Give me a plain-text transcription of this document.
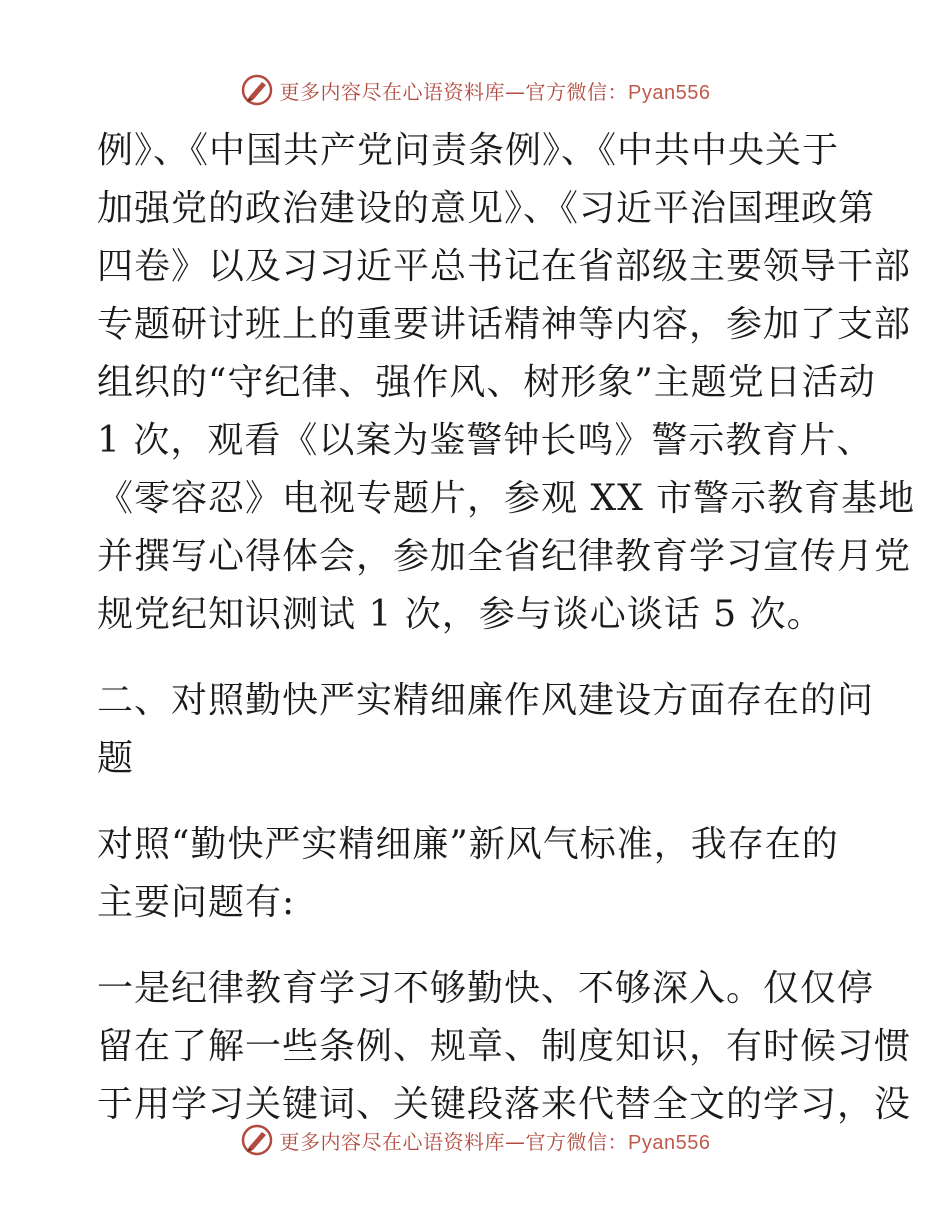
更多内容尽在心语资料库—官方微信：Pyan556

例》、《中国共产党问责条例》、《中共中央关于
加强党的政治建设的意见》、《习近平治国理政第
四卷》以及习习近平总书记在省部级主要领导干部
专题研讨班上的重要讲话精神等内容，参加了支部
组织的“守纪律、强作风、树形象”主题党日活动
1 次，观看《以案为鉴警钟长鸣》警示教育片、
《零容忍》电视专题片，参观 XX 市警示教育基地
并撰写心得体会，参加全省纪律教育学习宣传月党
规党纪知识测试 1 次，参与谈心谈话 5 次。

二、对照勤快严实精细廉作风建设方面存在的问
题

对照“勤快严实精细廉”新风气标准，我存在的
主要问题有:

一是纪律教育学习不够勤快、不够深入。仅仅停
留在了解一些条例、规章、制度知识，有时候习惯
于用学习关键词、关键段落来代替全文的学习，没

更多内容尽在心语资料库—官方微信：Pyan556
